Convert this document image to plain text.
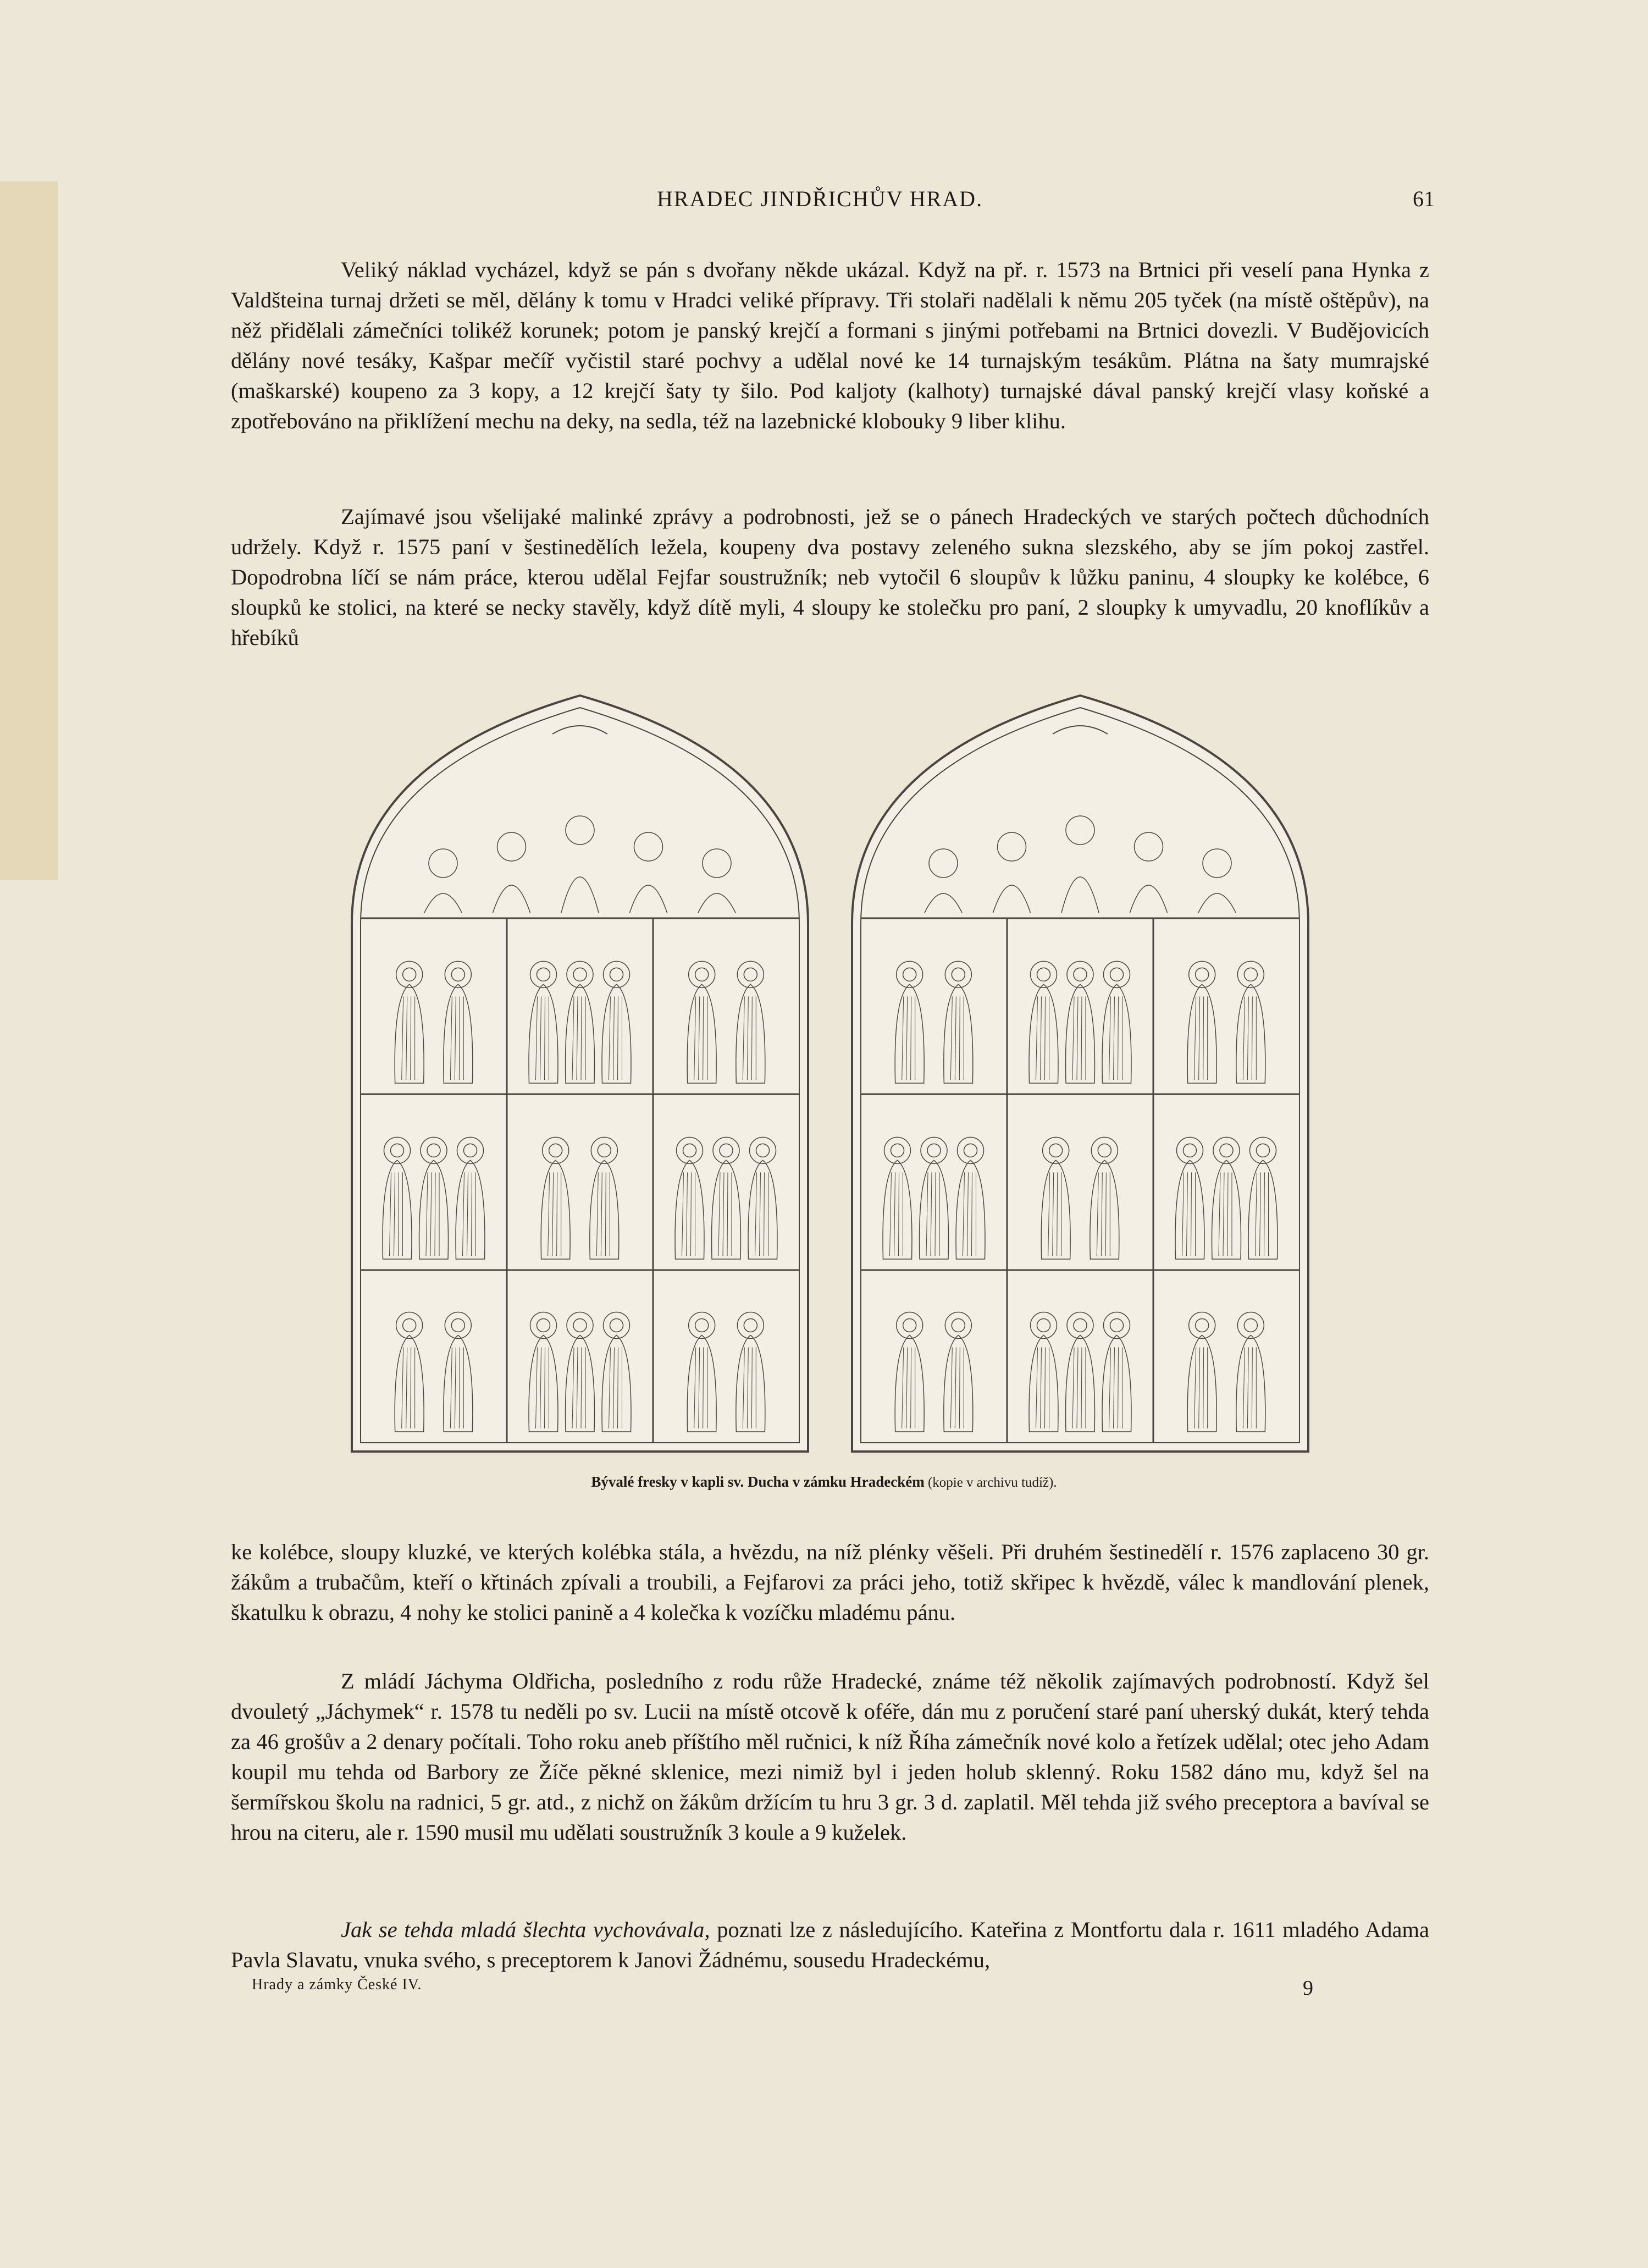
HRADEC JINDŘICHŮV HRAD.	61

Veliký náklad vycházel, když se pán s dvořany někde ukázal. Když na př. r. 1573 na Brtnici při veselí pana Hynka z Valdšteina turnaj držeti se měl, dělány k tomu v Hradci veliké přípravy. Tři stolaři nadělali k němu 205 tyček (na místě oštěpův), na něž přidělali zámečníci tolikéž korunek; potom je panský krejčí a formani s jinými potřebami na Brtnici dovezli. V Budějovicích dělány nové tesáky, Kašpar mečíř vyčistil staré pochvy a udělal nové ke 14 turnajským tesákům. Plátna na šaty mumrajské (maškarské) koupeno za 3 kopy, a 12 krejčí šaty ty šilo. Pod kaljoty (kalhoty) turnajské dával panský krejčí vlasy koňské a zpotřebováno na přiklížení mechu na deky, na sedla, též na lazebnické klobouky 9 liber klihu.

Zajímavé jsou všelijaké malinké zprávy a podrobnosti, jež se o pánech Hradeckých ve starých počtech důchodních udržely. Když r. 1575 paní v šestinedělích ležela, koupeny dva postavy zeleného sukna slezského, aby se jím pokoj zastřel. Dopodrobna líčí se nám práce, kterou udělal Fejfar soustružník; neb vytočil 6 sloupův k lůžku paninu, 4 sloupky ke kolébce, 6 sloupků ke stolici, na které se necky stavěly, když dítě myli, 4 sloupy ke stolečku pro paní, 2 sloupky k umyvadlu, 20 knoflíkův a hřebíků

Bývalé fresky v kapli sv. Ducha v zámku Hradeckém (kopie v archivu tudíž).

ke kolébce, sloupy kluzké, ve kterých kolébka stála, a hvězdu, na níž plénky věšeli. Při druhém šestinedělí r. 1576 zaplaceno 30 gr. žákům a trubačům, kteří o křtinách zpívali a troubili, a Fejfarovi za práci jeho, totiž skřipec k hvězdě, válec k mandlování plenek, škatulku k obrazu, 4 nohy ke stolici panině a 4 kolečka k vozíčku mladému pánu.

Z mládí Jáchyma Oldřicha, posledního z rodu růže Hradecké, známe též několik zajímavých podrobností. Když šel dvouletý „Jáchymek“ r. 1578 tu neděli po sv. Lucii na místě otcově k oféře, dán mu z poručení staré paní uherský dukát, který tehda za 46 grošův a 2 denary počítali. Toho roku aneb příštího měl ručnici, k níž Říha zámečník nové kolo a řetízek udělal; otec jeho Adam koupil mu tehda od Barbory ze Žíče pěkné sklenice, mezi nimiž byl i jeden holub sklenný. Roku 1582 dáno mu, když šel na šermířskou školu na radnici, 5 gr. atd., z nichž on žákům držícím tu hru 3 gr. 3 d. zaplatil. Měl tehda již svého preceptora a bavíval se hrou na citeru, ale r. 1590 musil mu udělati soustružník 3 koule a 9 kuželek.

Jak se tehda mladá šlechta vychovávala, poznati lze z následujícího. Kateřina z Montfortu dala r. 1611 mladého Adama Pavla Slavatu, vnuka svého, s preceptorem k Janovi Žádnému, sousedu Hradeckému,

Hrady a zámky České IV.	9
